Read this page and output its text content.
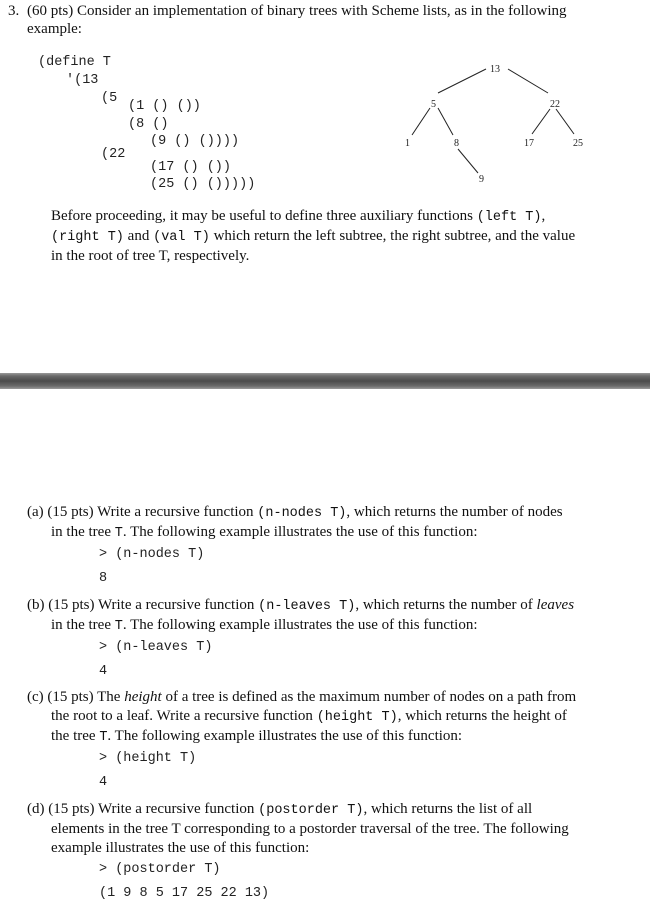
3. (60 pts) Consider an implementation of binary trees with Scheme lists, as in the following
example:
(define T
'(13
(5
(1 () ())
(8 ()
(9 () ())))
(22
(17 () ())
(25 () ()))))
13
5	22
1	8	17	25
9
Before proceeding, it may be useful to define three auxiliary functions (left T),
(right T) and (val T) which return the left subtree, the right subtree, and the value
in the root of tree T, respectively.
(a) (15 pts) Write a recursive function (n-nodes T), which returns the number of nodes
in the tree T. The following example illustrates the use of this function:
> (n-nodes T)
8
(b) (15 pts) Write a recursive function (n-leaves T), which returns the number of leaves
in the tree T. The following example illustrates the use of this function:
> (n-leaves T)
4
(c) (15 pts) The height of a tree is defined as the maximum number of nodes on a path from
the root to a leaf. Write a recursive function (height T), which returns the height of
the tree T. The following example illustrates the use of this function:
> (height T)
4
(d) (15 pts) Write a recursive function (postorder T), which returns the list of all
elements in the tree T corresponding to a postorder traversal of the tree. The following
example illustrates the use of this function:
> (postorder T)
(1 9 8 5 17 25 22 13)
